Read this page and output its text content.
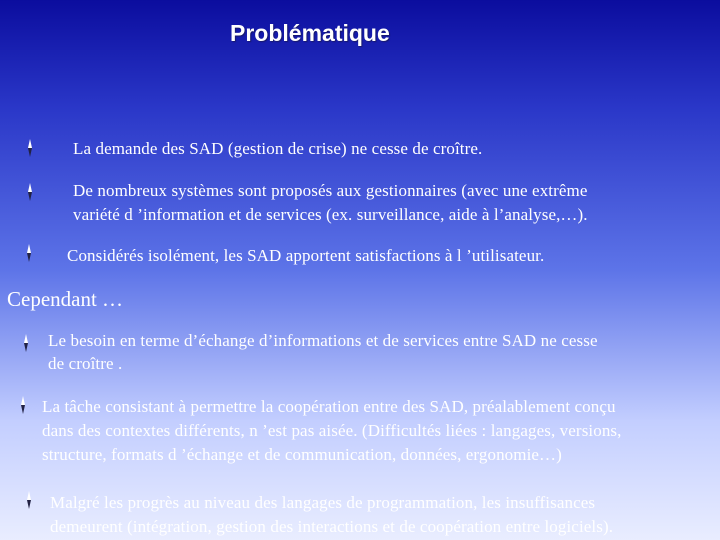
Problématique
La demande des SAD (gestion de crise) ne cesse de croître.
De nombreux systèmes sont proposés aux gestionnaires (avec une extrême
variété d ’information et de services (ex. surveillance, aide à l’analyse,…).
Considérés isolément, les SAD apportent satisfactions à l ’utilisateur.
Cependant …
Le besoin en terme d’échange d’informations et de services entre SAD ne cesse
de croître .
La tâche consistant à permettre la coopération entre des SAD, préalablement conçu
dans des contextes différents, n ’est pas aisée. (Difficultés liées : langages, versions,
structure, formats d ’échange et de communication, données, ergonomie…)
Malgré les progrès au niveau des langages de programmation, les insuffisances
demeurent (intégration, gestion des interactions et de coopération entre logiciels).
